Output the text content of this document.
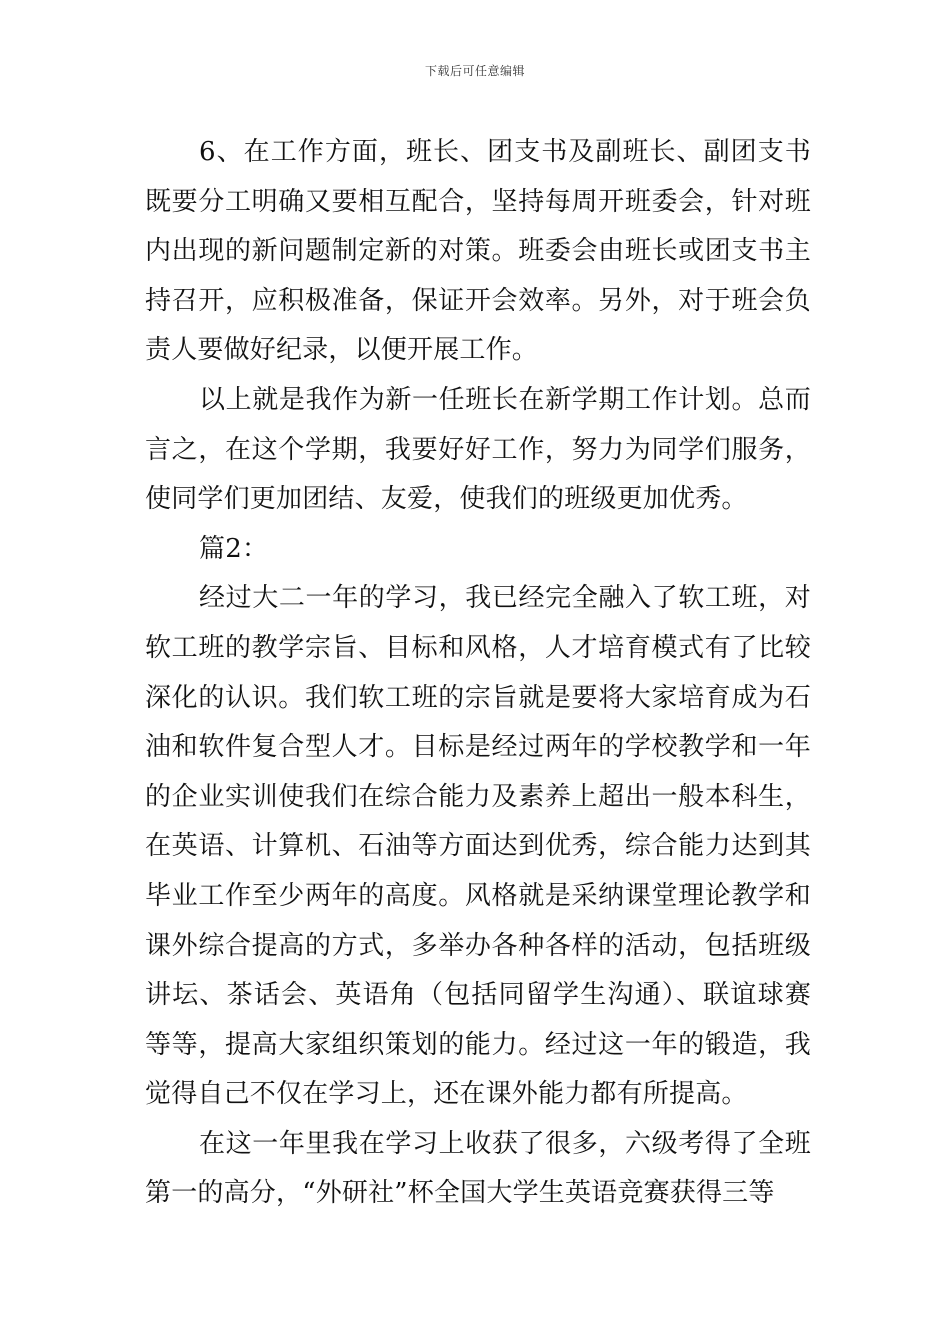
下载后可任意编辑

6、在工作方面，班长、团支书及副班长、副团支书既要分工明确又要相互配合，坚持每周开班委会，针对班内出现的新问题制定新的对策。班委会由班长或团支书主持召开，应积极准备，保证开会效率。另外，对于班会负责人要做好纪录，以便开展工作。

以上就是我作为新一任班长在新学期工作计划。总而言之，在这个学期，我要好好工作，努力为同学们服务，使同学们更加团结、友爱，使我们的班级更加优秀。

篇2：

经过大二一年的学习，我已经完全融入了软工班，对软工班的教学宗旨、目标和风格，人才培育模式有了比较深化的认识。我们软工班的宗旨就是要将大家培育成为石油和软件复合型人才。目标是经过两年的学校教学和一年的企业实训使我们在综合能力及素养上超出一般本科生，在英语、计算机、石油等方面达到优秀，综合能力达到其毕业工作至少两年的高度。风格就是采纳课堂理论教学和课外综合提高的方式，多举办各种各样的活动，包括班级讲坛、茶话会、英语角（包括同留学生沟通）、联谊球赛等等，提高大家组织策划的能力。经过这一年的锻造，我觉得自己不仅在学习上，还在课外能力都有所提高。

在这一年里我在学习上收获了很多，六级考得了全班第一的高分，“外研社”杯全国大学生英语竞赛获得三等
